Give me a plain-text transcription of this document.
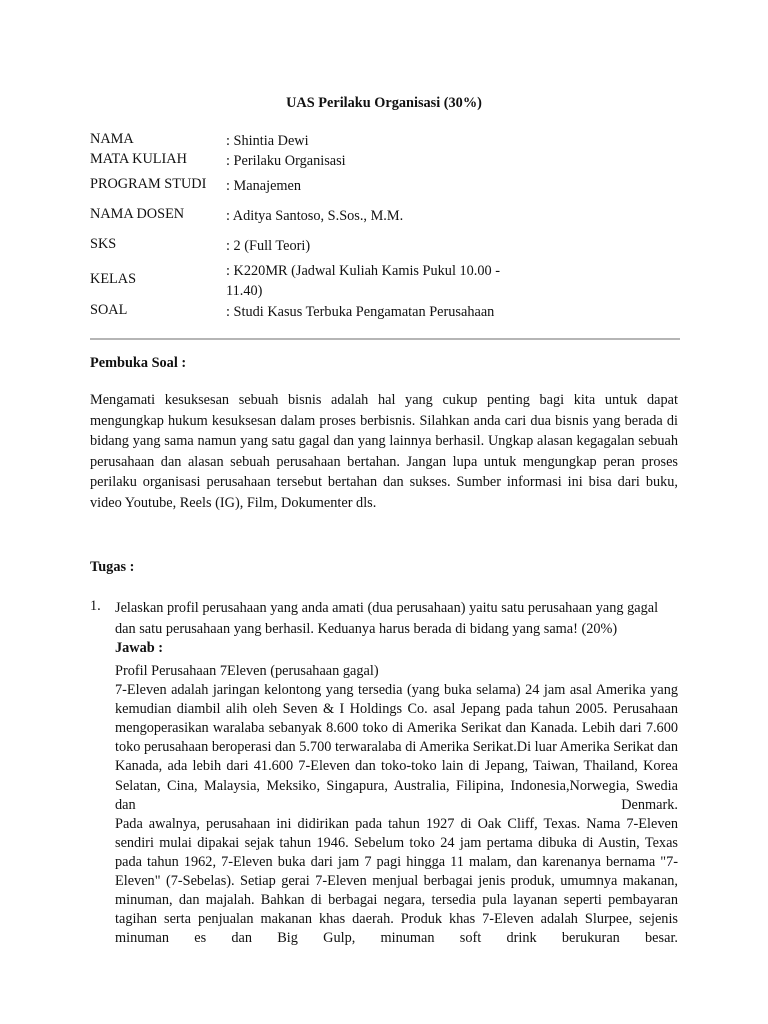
UAS Perilaku Organisasi (30%)
NAMA	: Shintia Dewi
MATA KULIAH	: Perilaku Organisasi
PROGRAM STUDI : Manajemen
NAMA DOSEN	: Aditya Santoso, S.Sos., M.M.
SKS	: 2 (Full Teori)
KELAS	: K220MR (Jadwal Kuliah Kamis Pukul 10.00 - 11.40)
SOAL	: Studi Kasus Terbuka Pengamatan Perusahaan
Pembuka Soal :
Mengamati kesuksesan sebuah bisnis adalah hal yang cukup penting bagi kita untuk dapat mengungkap hukum kesuksesan dalam proses berbisnis. Silahkan anda cari dua bisnis yang berada di bidang yang sama namun yang satu gagal dan yang lainnya berhasil. Ungkap alasan kegagalan sebuah perusahaan dan alasan sebuah perusahaan bertahan. Jangan lupa untuk mengungkap peran proses perilaku organisasi perusahaan tersebut bertahan dan sukses. Sumber informasi ini bisa dari buku, video Youtube, Reels (IG), Film, Dokumenter dls.
Tugas :
1. Jelaskan profil perusahaan yang anda amati (dua perusahaan) yaitu satu perusahaan yang gagal dan satu perusahaan yang berhasil. Keduanya harus berada di bidang yang sama! (20%)
Jawab :

Profil Perusahaan 7Eleven (perusahaan gagal)

7-Eleven adalah jaringan kelontong yang tersedia (yang buka selama) 24 jam asal Amerika yang kemudian diambil alih oleh Seven & I Holdings Co. asal Jepang pada tahun 2005. Perusahaan mengoperasikan waralaba sebanyak 8.600 toko di Amerika Serikat dan Kanada. Lebih dari 7.600 toko perusahaan beroperasi dan 5.700 terwaralaba di Amerika Serikat.Di luar Amerika Serikat dan Kanada, ada lebih dari 41.600 7-Eleven dan toko-toko lain di Jepang, Taiwan, Thailand, Korea Selatan, Cina, Malaysia, Meksiko, Singapura, Australia, Filipina, Indonesia,Norwegia, Swedia dan Denmark.

Pada awalnya, perusahaan ini didirikan pada tahun 1927 di Oak Cliff, Texas. Nama 7-Eleven sendiri mulai dipakai sejak tahun 1946. Sebelum toko 24 jam pertama dibuka di Austin, Texas pada tahun 1962, 7-Eleven buka dari jam 7 pagi hingga 11 malam, dan karenanya bernama "7-Eleven" (7-Sebelas). Setiap gerai 7-Eleven menjual berbagai jenis produk, umumnya makanan, minuman, dan majalah. Bahkan di berbagai negara, tersedia pula layanan seperti pembayaran tagihan serta penjualan makanan khas daerah. Produk khas 7-Eleven adalah Slurpee, sejenis minuman es dan Big Gulp, minuman soft drink berukuran besar.
